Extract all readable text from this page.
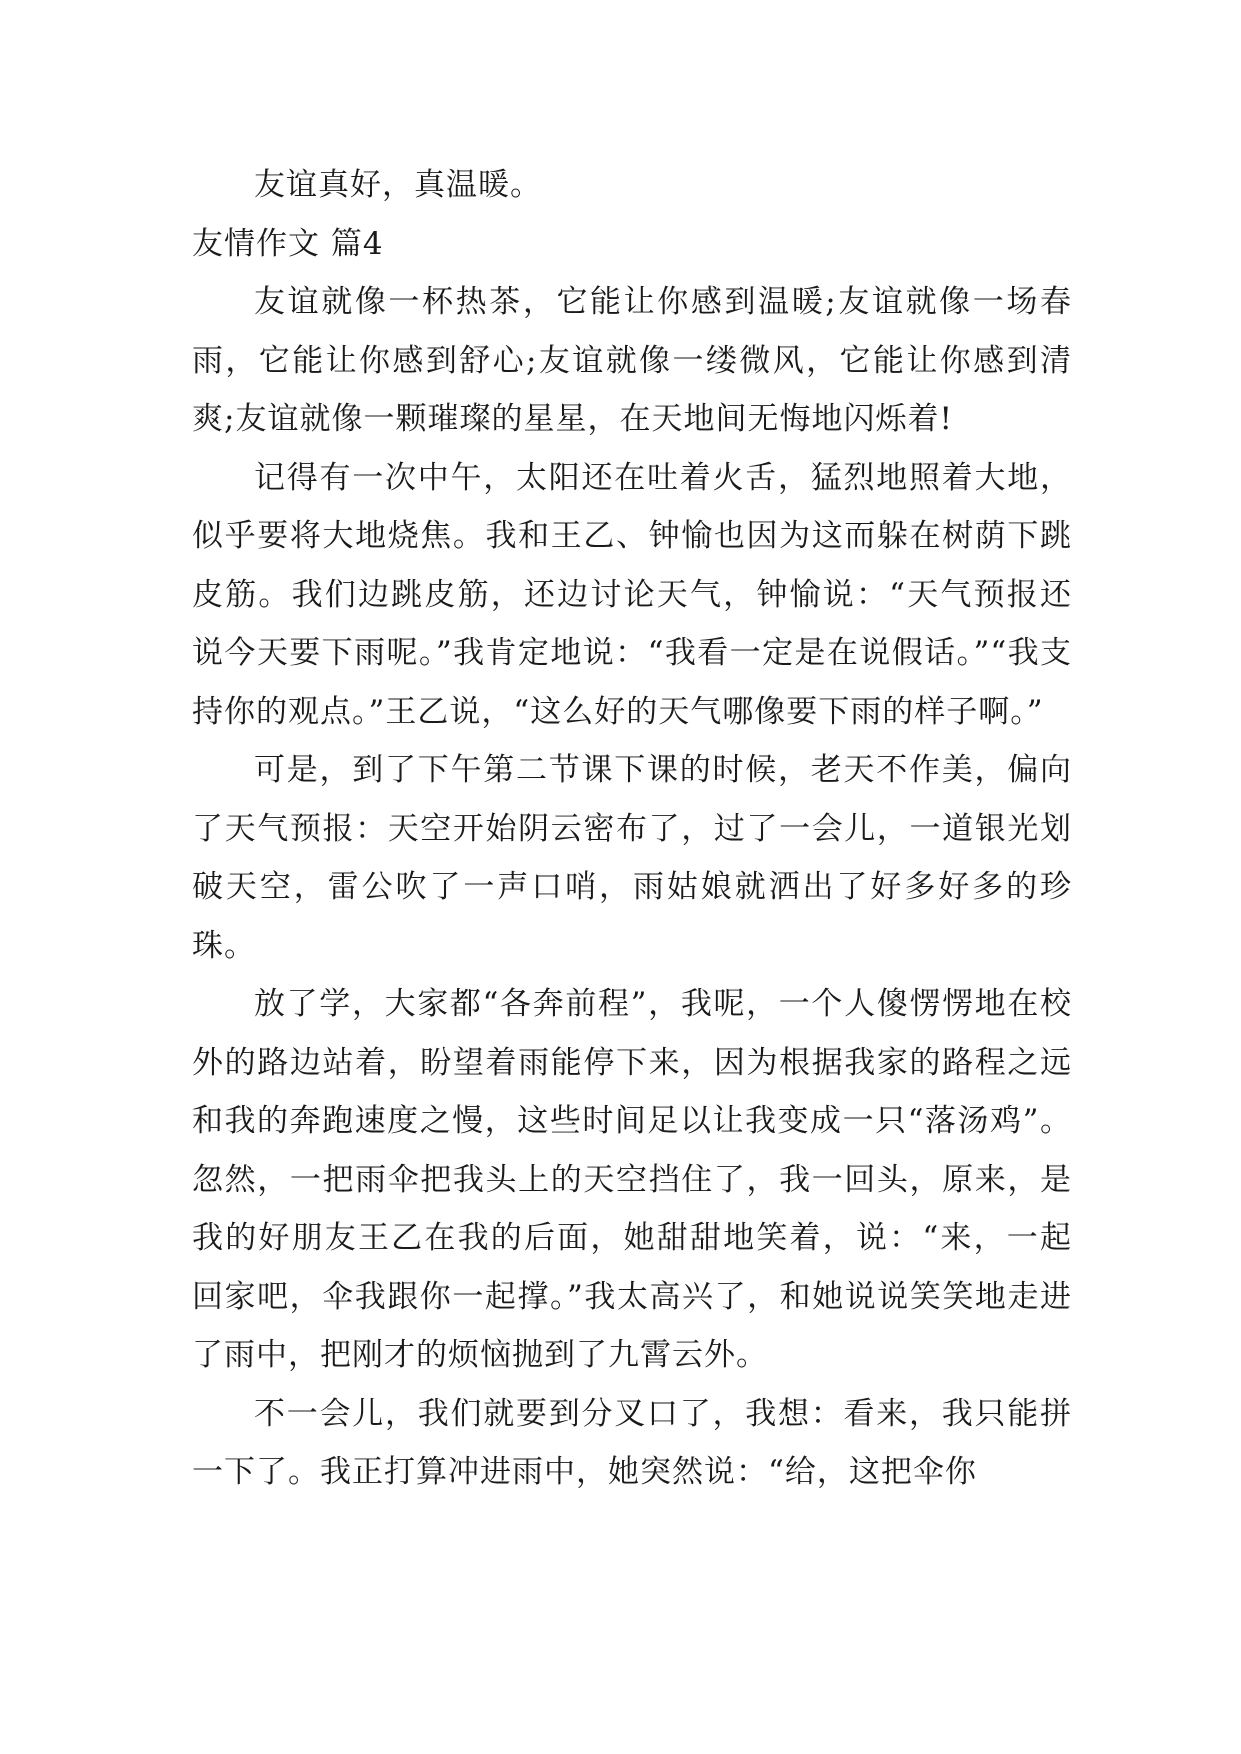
友谊真好，真温暖。
友情作文 篇4

友谊就像一杯热茶，它能让你感到温暖;友谊就像一场春雨，它能让你感到舒心;友谊就像一缕微风，它能让你感到清爽;友谊就像一颗璀璨的星星，在天地间无悔地闪烁着!

记得有一次中午，太阳还在吐着火舌，猛烈地照着大地，似乎要将大地烧焦。我和王乙、钟愉也因为这而躲在树荫下跳皮筋。我们边跳皮筋，还边讨论天气，钟愉说：“天气预报还说今天要下雨呢。”我肯定地说：“我看一定是在说假话。”“我支持你的观点。”王乙说，“这么好的天气哪像要下雨的样子啊。”

可是，到了下午第二节课下课的时候，老天不作美，偏向了天气预报：天空开始阴云密布了，过了一会儿，一道银光划破天空，雷公吹了一声口哨，雨姑娘就洒出了好多好多的珍珠。

放了学，大家都“各奔前程”，我呢，一个人傻愣愣地在校外的路边站着，盼望着雨能停下来，因为根据我家的路程之远和我的奔跑速度之慢，这些时间足以让我变成一只“落汤鸡”。忽然，一把雨伞把我头上的天空挡住了，我一回头，原来，是我的好朋友王乙在我的后面，她甜甜地笑着，说：“来，一起回家吧，伞我跟你一起撑。”我太高兴了，和她说说笑笑地走进了雨中，把刚才的烦恼抛到了九霄云外。

不一会儿，我们就要到分叉口了，我想：看来，我只能拼一下了。我正打算冲进雨中，她突然说：“给，这把伞你
